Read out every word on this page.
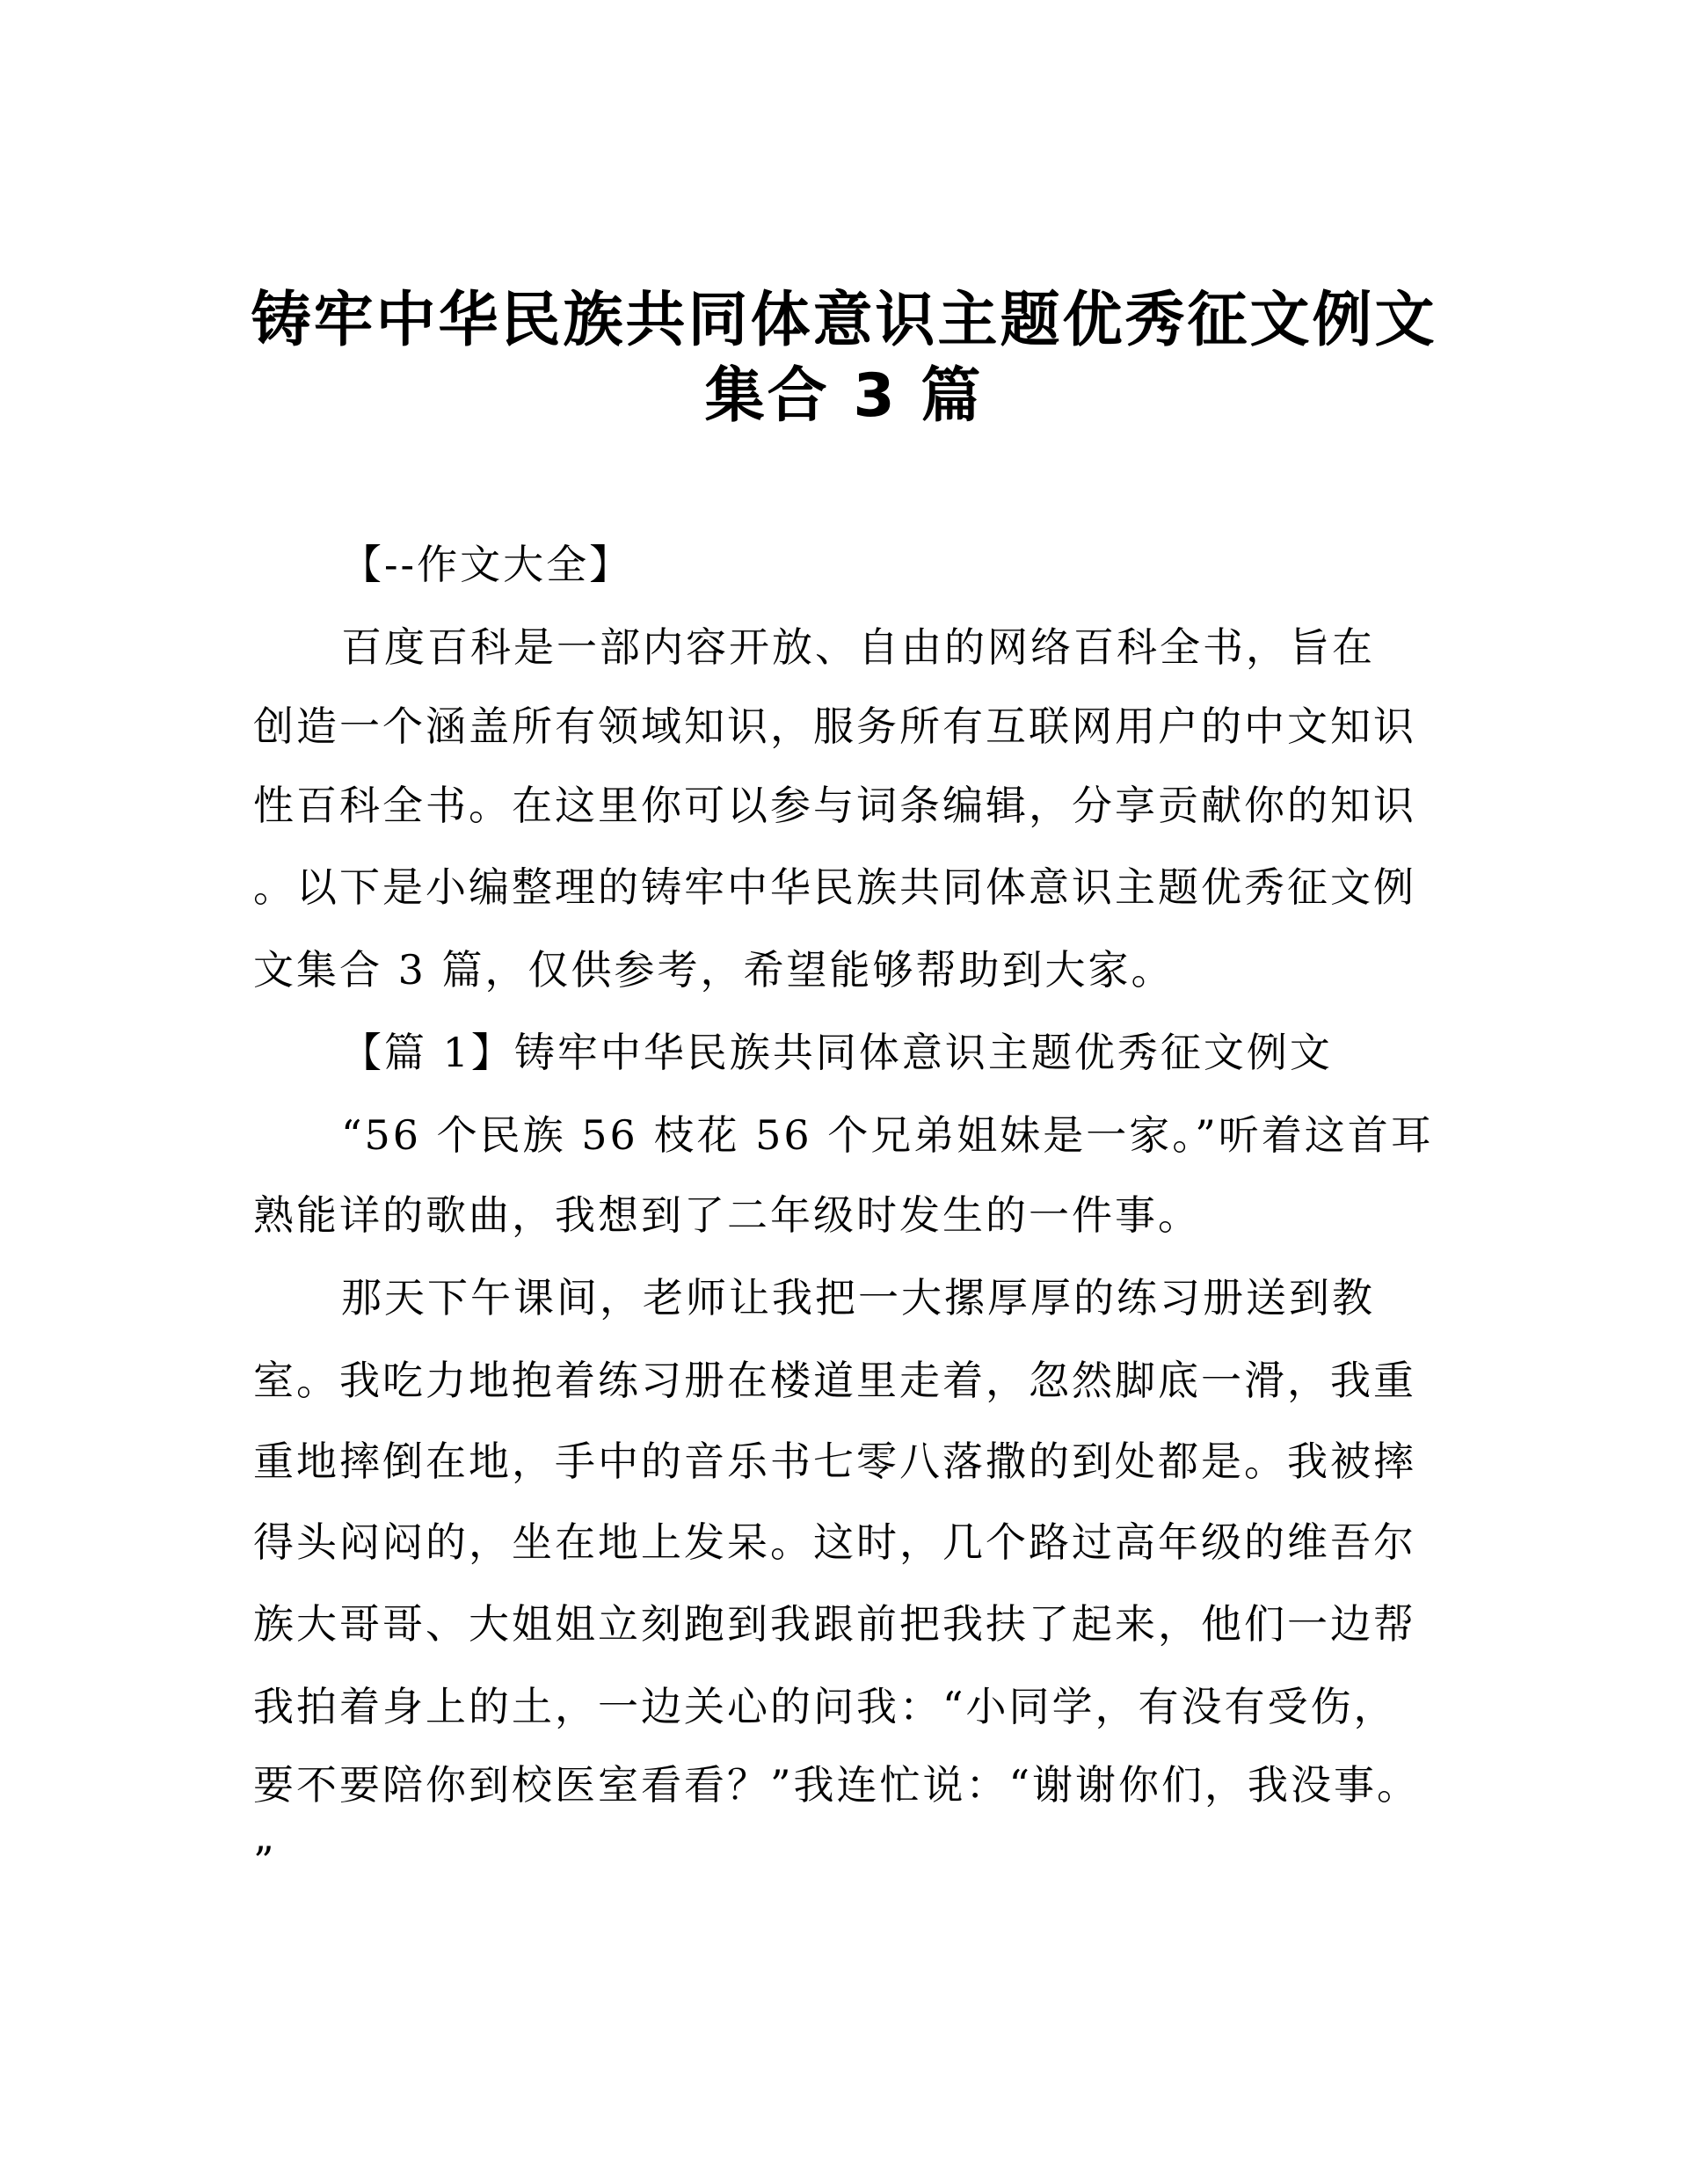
铸牢中华民族共同体意识主题优秀征文例文
集合 3 篇
【--作文大全】
百度百科是一部内容开放、自由的网络百科全书，旨在
创造一个涵盖所有领域知识，服务所有互联网用户的中文知识
性百科全书。在这里你可以参与词条编辑，分享贡献你的知识
。以下是小编整理的铸牢中华民族共同体意识主题优秀征文例
文集合 3 篇，仅供参考，希望能够帮助到大家。
【篇 1】铸牢中华民族共同体意识主题优秀征文例文
“56 个民族 56 枝花 56 个兄弟姐妹是一家。”听着这首耳
熟能详的歌曲，我想到了二年级时发生的一件事。
那天下午课间，老师让我把一大摞厚厚的练习册送到教
室。我吃力地抱着练习册在楼道里走着，忽然脚底一滑，我重
重地摔倒在地，手中的音乐书七零八落撒的到处都是。我被摔
得头闷闷的，坐在地上发呆。这时，几个路过高年级的维吾尔
族大哥哥、大姐姐立刻跑到我跟前把我扶了起来，他们一边帮
我拍着身上的土，一边关心的问我：“小同学，有没有受伤，
要不要陪你到校医室看看？”我连忙说：“谢谢你们，我没事。
”
